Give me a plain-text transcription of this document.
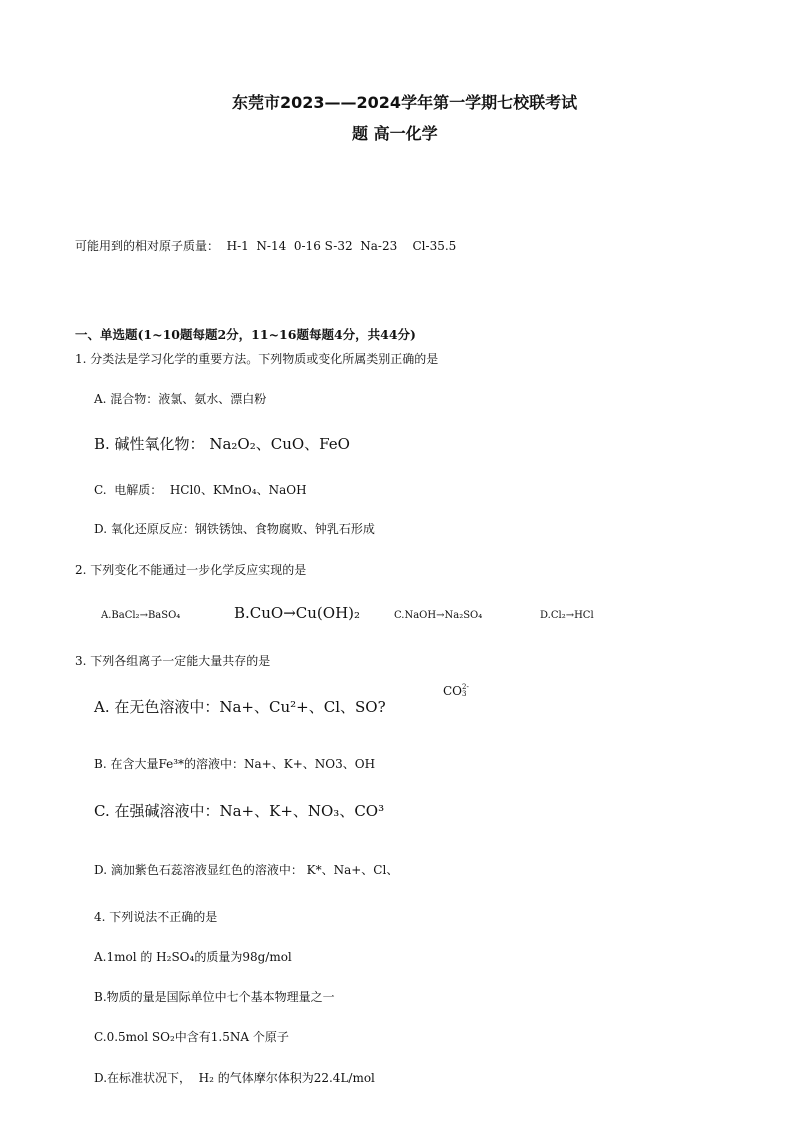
东莞市2023——2024学年第一学期七校联考试
题 高一化学
可能用到的相对原子质量：  H-1  N-14  0-16 S-32  Na-23    Cl-35.5
一、单选题(1~10题每题2分，11~16题每题4分，共44分)
1. 分类法是学习化学的重要方法。下列物质或变化所属类别正确的是
A. 混合物：液氯、氨水、漂白粉
B. 碱性氧化物： Na₂O₂、CuO、FeO
C.  电解质：  HCl0、KMnO₄、NaOH
D. 氧化还原反应：钢铁锈蚀、食物腐败、钟乳石形成
2. 下列变化不能通过一步化学反应实现的是
A.BaCl₂→BaSO₄	B.CuO→Cu(OH)₂	C.NaOH→Na₂SO₄	D.Cl₂→HCl
3. 下列各组离子一定能大量共存的是
CO2-
3
A. 在无色溶液中：Na+、Cu²+、Cl、SO?
B. 在含大量Fe³*的溶液中：Na+、K+、NO3、OH
C. 在强碱溶液中：Na+、K+、NO₃、CO³
D. 滴加紫色石蕊溶液显红色的溶液中： K*、Na+、Cl、
4. 下列说法不正确的是
A.1mol 的 H₂SO₄的质量为98g/mol
B.物质的量是国际单位中七个基本物理量之一
C.0.5mol SO₂中含有1.5NA 个原子
D.在标准状况下，  H₂ 的气体摩尔体积为22.4L/mol
